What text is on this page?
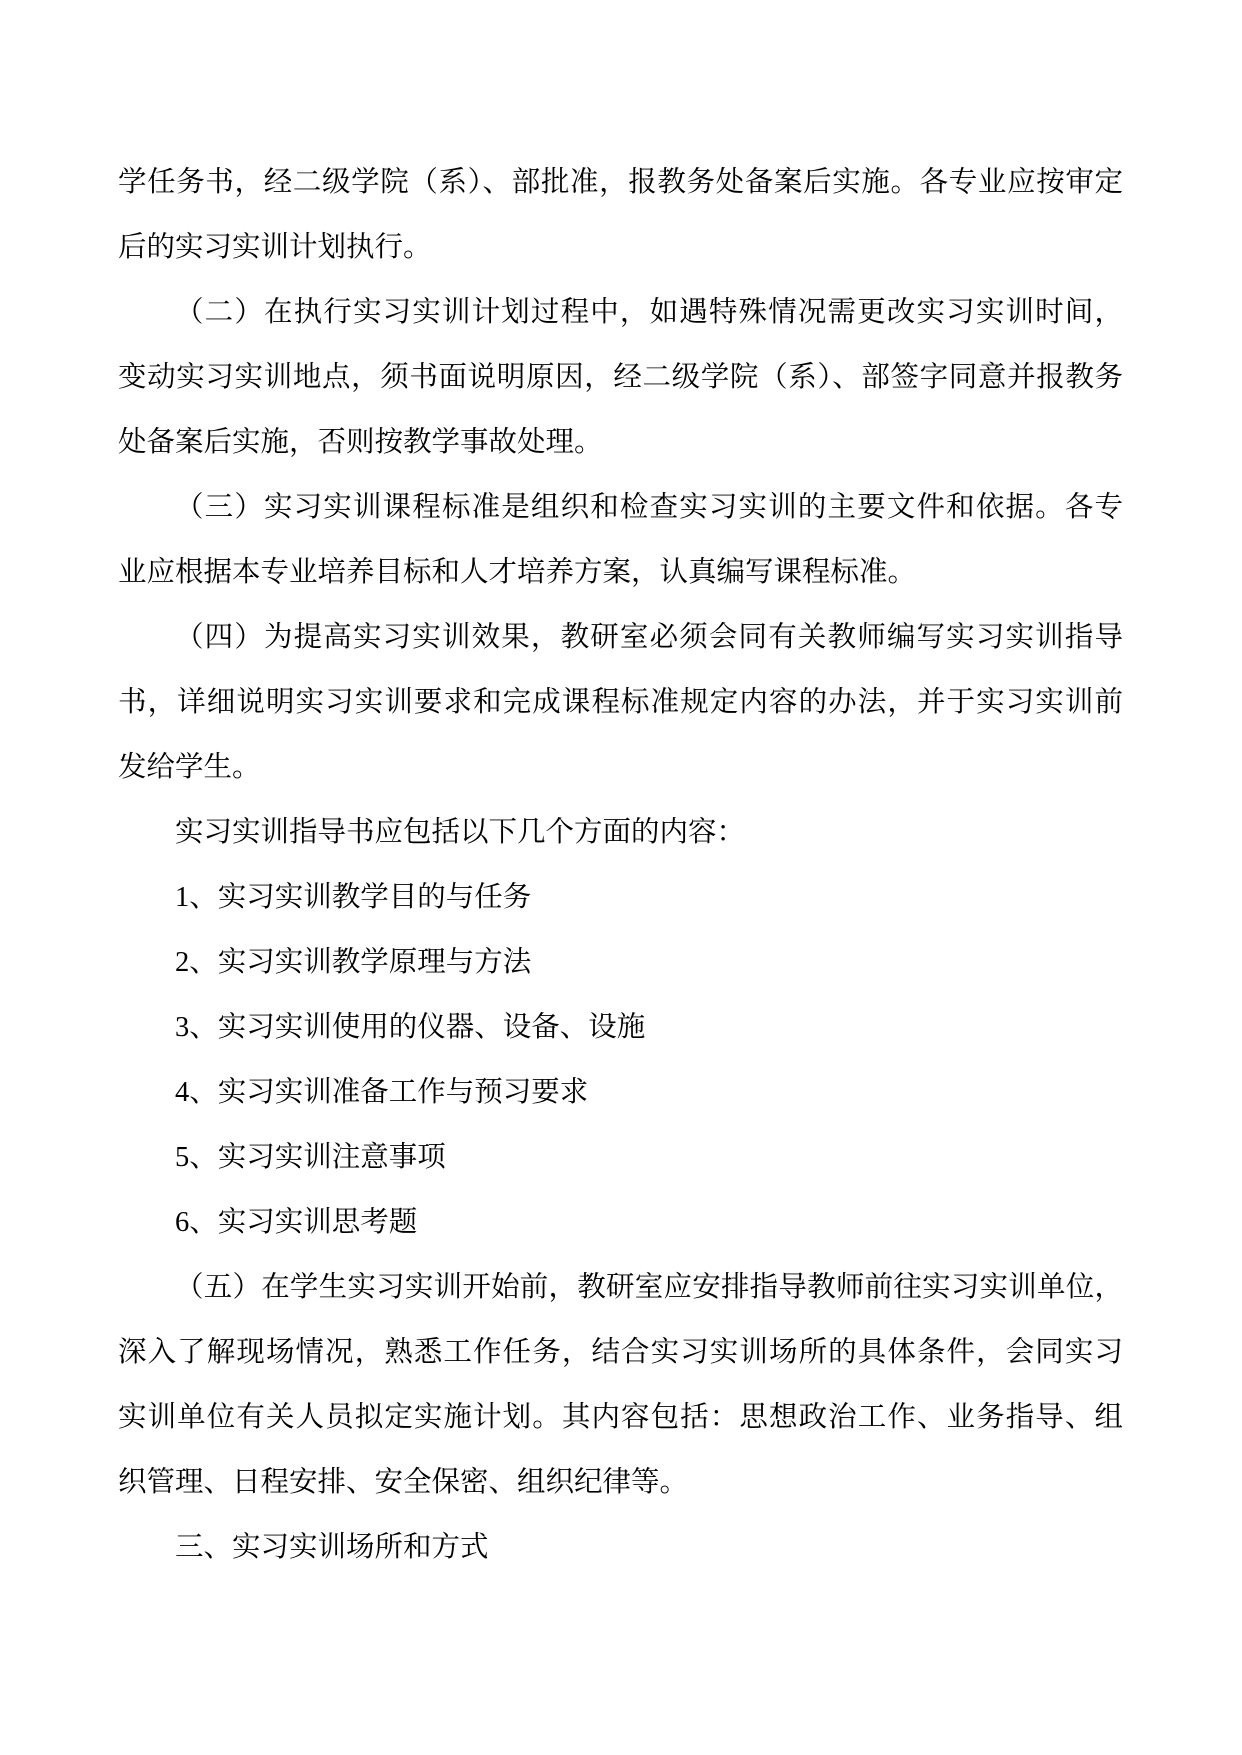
学任务书，经二级学院（系）、部批准，报教务处备案后实施。各专业应按审定
后的实习实训计划执行。
（二）在执行实习实训计划过程中，如遇特殊情况需更改实习实训时间，
变动实习实训地点，须书面说明原因，经二级学院（系）、部签字同意并报教务
处备案后实施，否则按教学事故处理。
（三）实习实训课程标准是组织和检查实习实训的主要文件和依据。各专
业应根据本专业培养目标和人才培养方案，认真编写课程标准。
（四）为提高实习实训效果，教研室必须会同有关教师编写实习实训指导
书，详细说明实习实训要求和完成课程标准规定内容的办法，并于实习实训前
发给学生。
实习实训指导书应包括以下几个方面的内容：
1、实习实训教学目的与任务
2、实习实训教学原理与方法
3、实习实训使用的仪器、设备、设施
4、实习实训准备工作与预习要求
5、实习实训注意事项
6、实习实训思考题
（五）在学生实习实训开始前，教研室应安排指导教师前往实习实训单位，
深入了解现场情况，熟悉工作任务，结合实习实训场所的具体条件，会同实习
实训单位有关人员拟定实施计划。其内容包括：思想政治工作、业务指导、组
织管理、日程安排、安全保密、组织纪律等。
三、实习实训场所和方式
